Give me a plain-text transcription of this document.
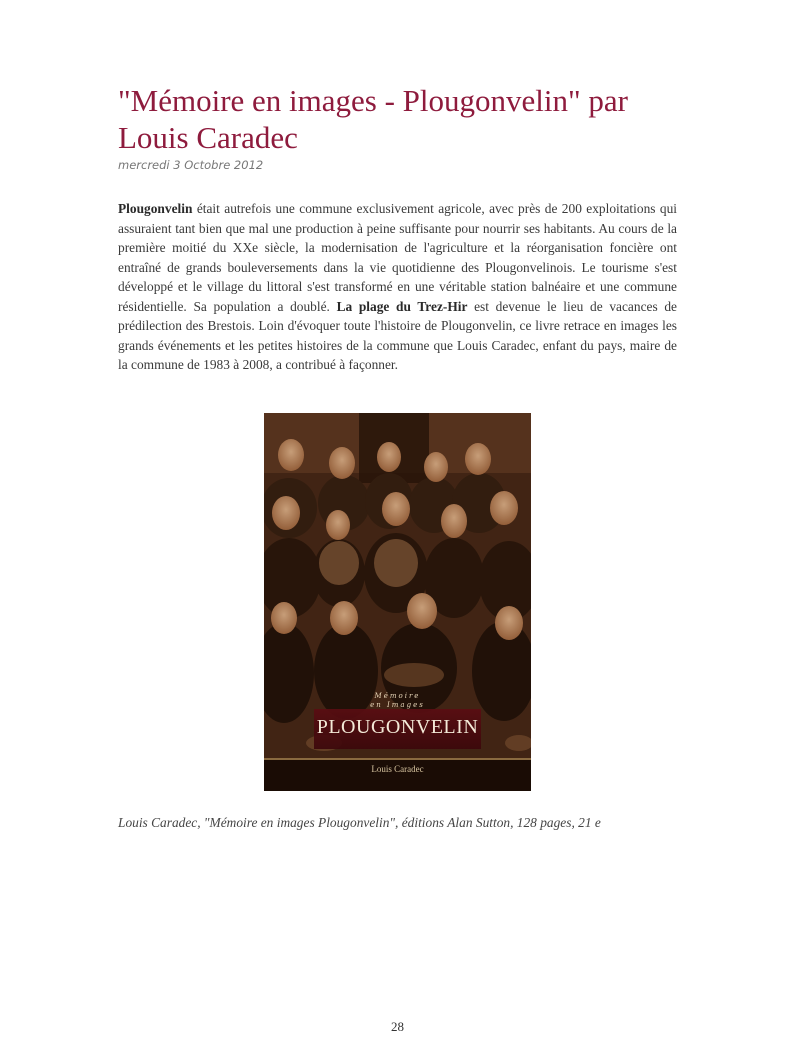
"Mémoire en images - Plougonvelin" par Louis Caradec
mercredi 3 Octobre 2012

Plougonvelin était autrefois une commune exclusivement agricole, avec près de 200 exploitations qui assuraient tant bien que mal une production à peine suffisante pour nourrir ses habitants. Au cours de la première moitié du XXe siècle, la modernisation de l'agriculture et la réorganisation foncière ont entraîné de grands bouleversements dans la vie quotidienne des Plougonvelinois. Le tourisme s'est développé et le village du littoral s'est transformé en une véritable station balnéaire et une commune résidentielle. Sa population a doublé. La plage du Trez-Hir est devenue le lieu de vacances de prédilection des Brestois. Loin d'évoquer toute l'histoire de Plougonvelin, ce livre retrace en images les grands événements et les petites histoires de la commune que Louis Caradec, enfant du pays, maire de la commune de 1983 à 2008, a contribué à façonner.

Mémoire
en Images
PLOUGONVELIN
Louis Caradec
Louis Caradec, "Mémoire en images Plougonvelin", éditions Alan Sutton, 128 pages, 21 e
28
